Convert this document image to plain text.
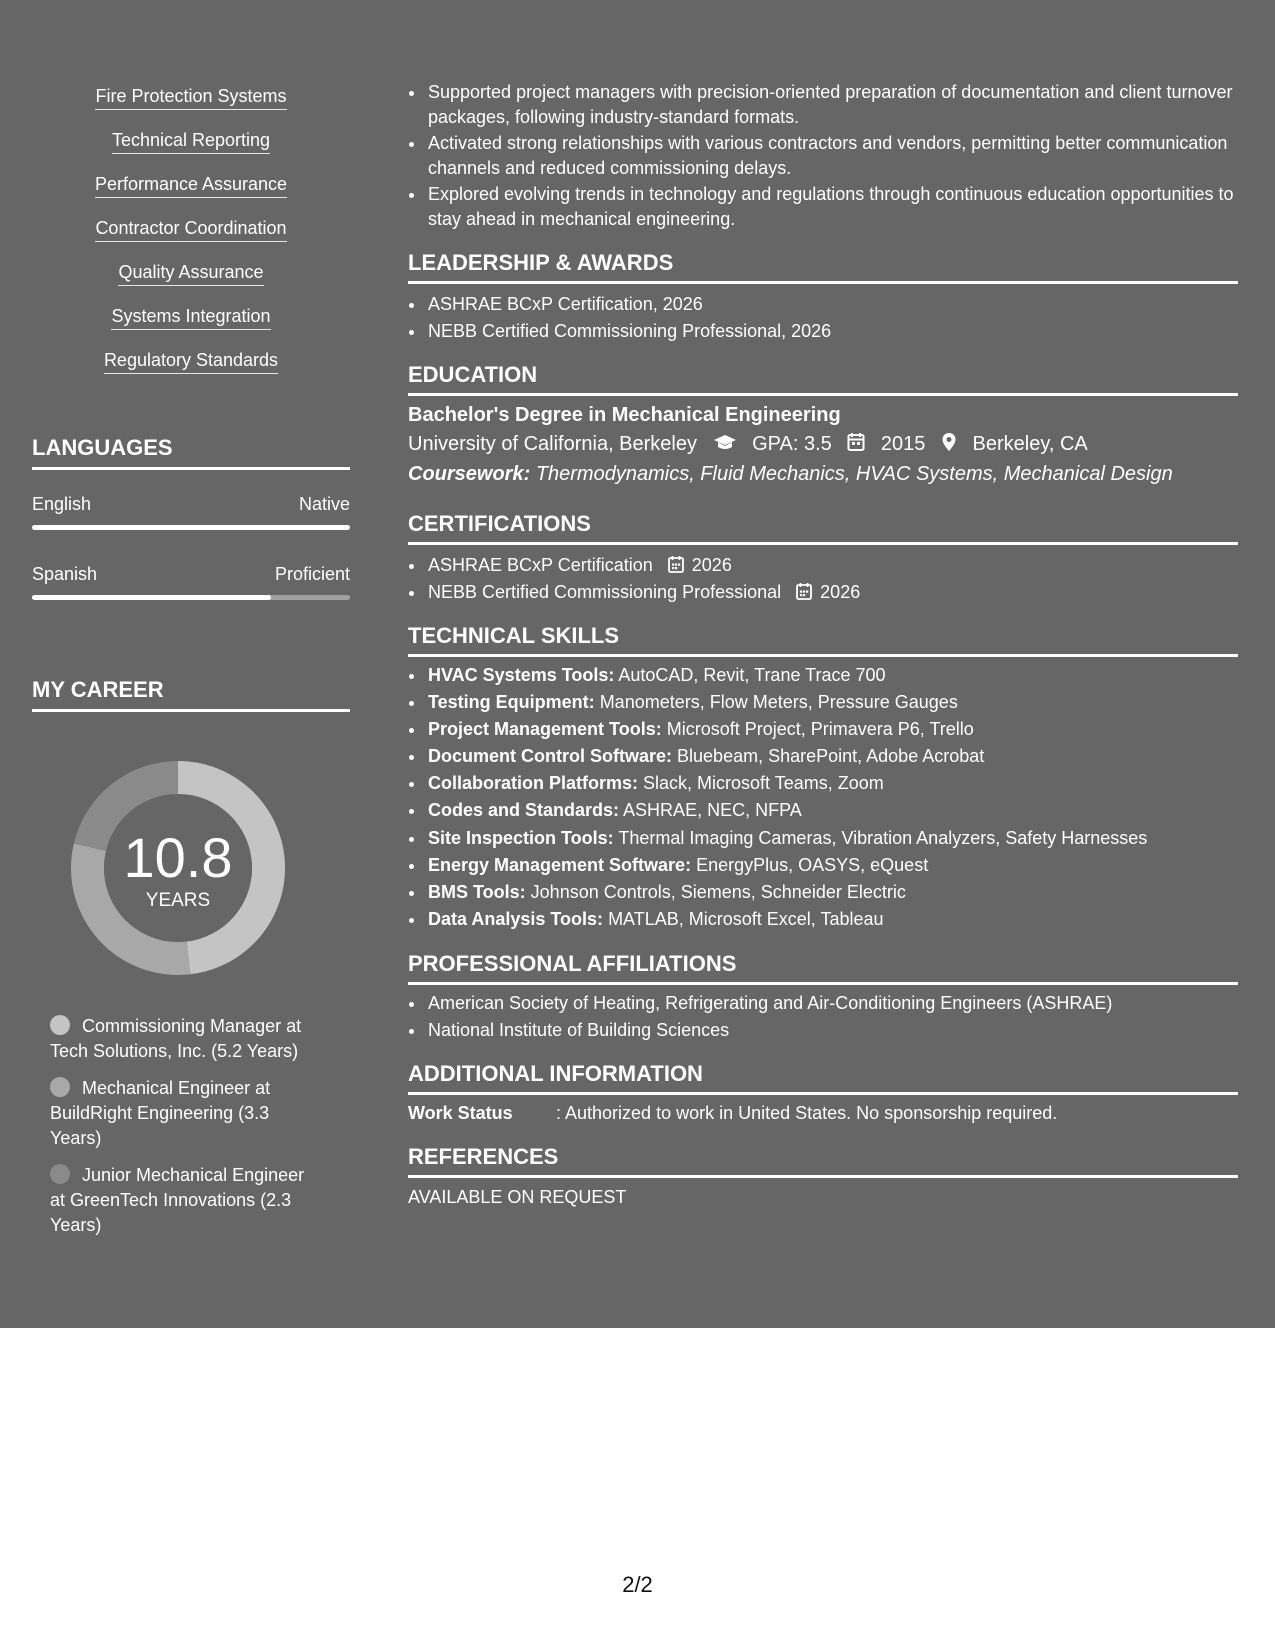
Fire Protection Systems
Technical Reporting
Performance Assurance
Contractor Coordination
Quality Assurance
Systems Integration
Regulatory Standards
LANGUAGES
English	Native
Spanish	Proficient
MY CAREER
10.8
YEARS
Commissioning Manager at Tech Solutions, Inc. (5.2 Years)
Mechanical Engineer at BuildRight Engineering (3.3 Years)
Junior Mechanical Engineer at GreenTech Innovations (2.3 Years)
• Supported project managers with precision-oriented preparation of documentation and client turnover packages, following industry-standard formats.
• Activated strong relationships with various contractors and vendors, permitting better communication channels and reduced commissioning delays.
• Explored evolving trends in technology and regulations through continuous education opportunities to stay ahead in mechanical engineering.
LEADERSHIP & AWARDS
• ASHRAE BCxP Certification, 2026
• NEBB Certified Commissioning Professional, 2026
EDUCATION
Bachelor's Degree in Mechanical Engineering
University of California, Berkeley	GPA: 3.5 2015 Berkeley, CA
Coursework: Thermodynamics, Fluid Mechanics, HVAC Systems, Mechanical Design
CERTIFICATIONS
• ASHRAE BCxP Certification 2026
• NEBB Certified Commissioning Professional 2026
TECHNICAL SKILLS
• HVAC Systems Tools: AutoCAD, Revit, Trane Trace 700
• Testing Equipment: Manometers, Flow Meters, Pressure Gauges
• Project Management Tools: Microsoft Project, Primavera P6, Trello
• Document Control Software: Bluebeam, SharePoint, Adobe Acrobat
• Collaboration Platforms: Slack, Microsoft Teams, Zoom
• Codes and Standards: ASHRAE, NEC, NFPA
• Site Inspection Tools: Thermal Imaging Cameras, Vibration Analyzers, Safety Harnesses
• Energy Management Software: EnergyPlus, OASYS, eQuest
• BMS Tools: Johnson Controls, Siemens, Schneider Electric
• Data Analysis Tools: MATLAB, Microsoft Excel, Tableau
PROFESSIONAL AFFILIATIONS
• American Society of Heating, Refrigerating and Air-Conditioning Engineers (ASHRAE)
• National Institute of Building Sciences
ADDITIONAL INFORMATION
Work Status : Authorized to work in United States. No sponsorship required.
REFERENCES
AVAILABLE ON REQUEST
2/2
